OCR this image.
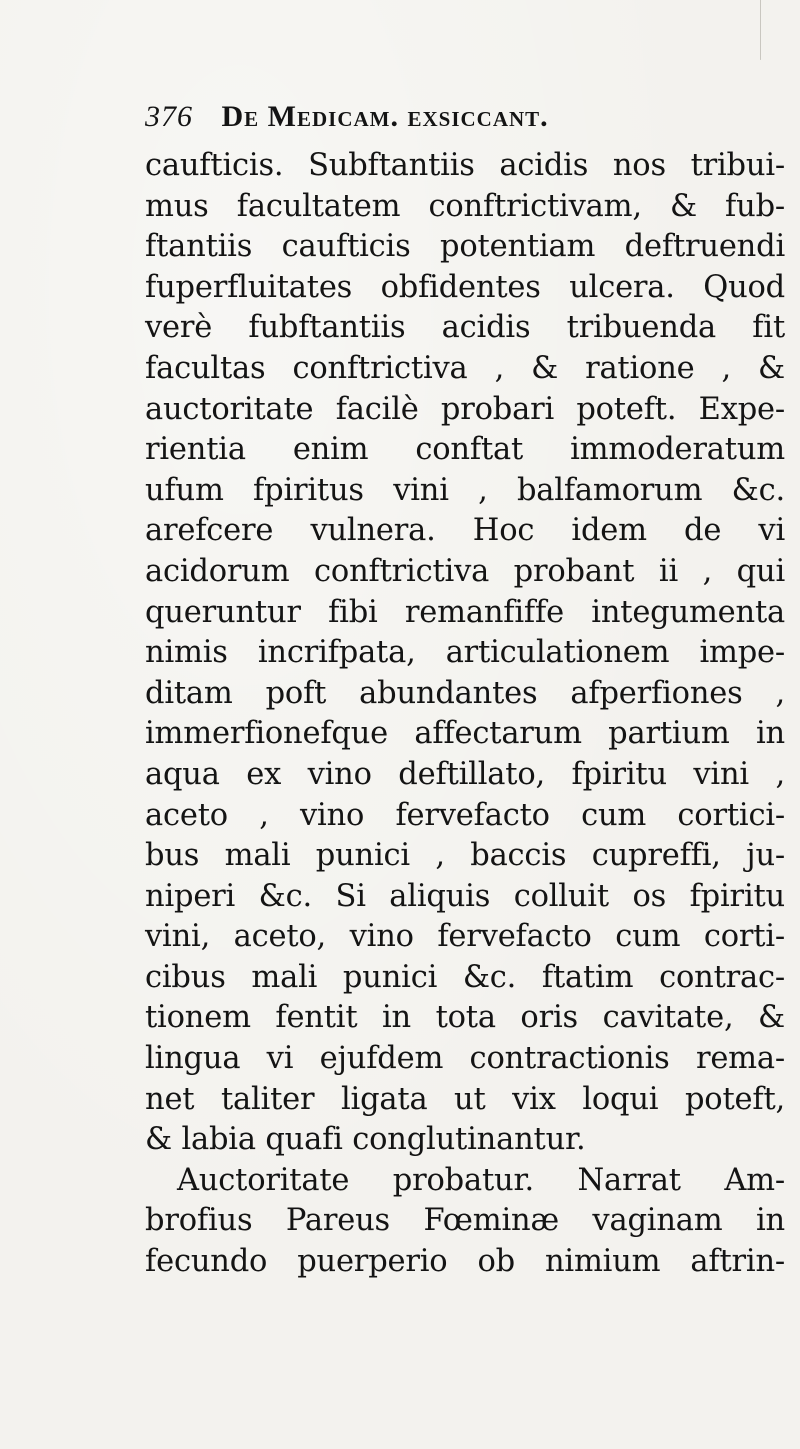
376 De Medicam. exsiccant.
caufticis. Subftantiis acidis nos tribui-
mus facultatem conftrictivam, & fub-
ftantiis caufticis potentiam deftruendi
fuperfluitates obfidentes ulcera. Quod
verè fubftantiis acidis tribuenda fit
facultas conftrictiva , & ratione , &
auctoritate facilè probari poteft. Expe-
rientia enim conftat immoderatum
ufum fpiritus vini , balfamorum &c.
arefcere vulnera. Hoc idem de vi
acidorum conftrictiva probant ii , qui
queruntur fibi remanfiffe integumenta
nimis incrifpata, articulationem impe-
ditam poft abundantes afperfiones ,
immerfionefque affectarum partium in
aqua ex vino deftillato, fpiritu vini ,
aceto , vino fervefacto cum cortici-
bus mali punici , baccis cupreffi, ju-
niperi &c. Si aliquis colluit os fpiritu
vini, aceto, vino fervefacto cum corti-
cibus mali punici &c. ftatim contrac-
tionem fentit in tota oris cavitate, &
lingua vi ejufdem contractionis rema-
net taliter ligata ut vix loqui poteft,
& labia quafi conglutinantur.
Auctoritate probatur. Narrat Am-
brofius Pareus Fœminæ vaginam in
fecundo puerperio ob nimium aftrin-
